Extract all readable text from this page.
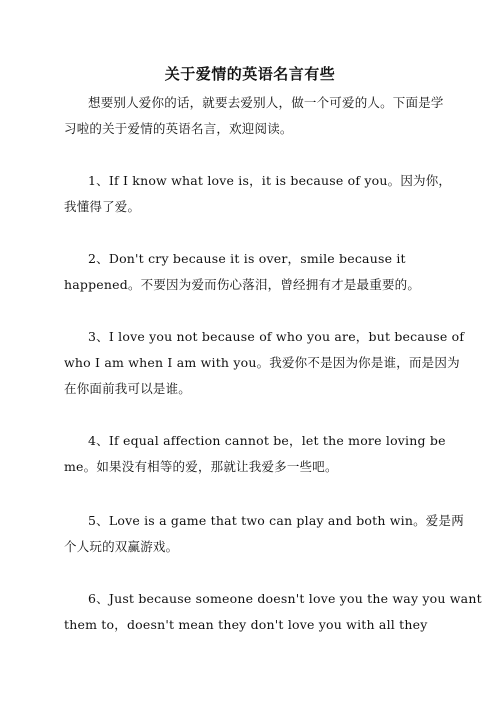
关于爱情的英语名言有些
想要别人爱你的话，就要去爱别人，做一个可爱的人。下面是学
习啦的关于爱情的英语名言，欢迎阅读。
1、If I know what love is，it is because of you。因为你，
我懂得了爱。
2、Don't cry because it is over，smile because it
happened。不要因为爱而伤心落泪，曾经拥有才是最重要的。
3、I love you not because of who you are，but because of
who I am when I am with you。我爱你不是因为你是谁，而是因为
在你面前我可以是谁。
4、If equal affection cannot be，let the more loving be
me。如果没有相等的爱，那就让我爱多一些吧。
5、Love is a game that two can play and both win。爱是两
个人玩的双赢游戏。
6、Just because someone doesn't love you the way you want
them to，doesn't mean they don't love you with all they
